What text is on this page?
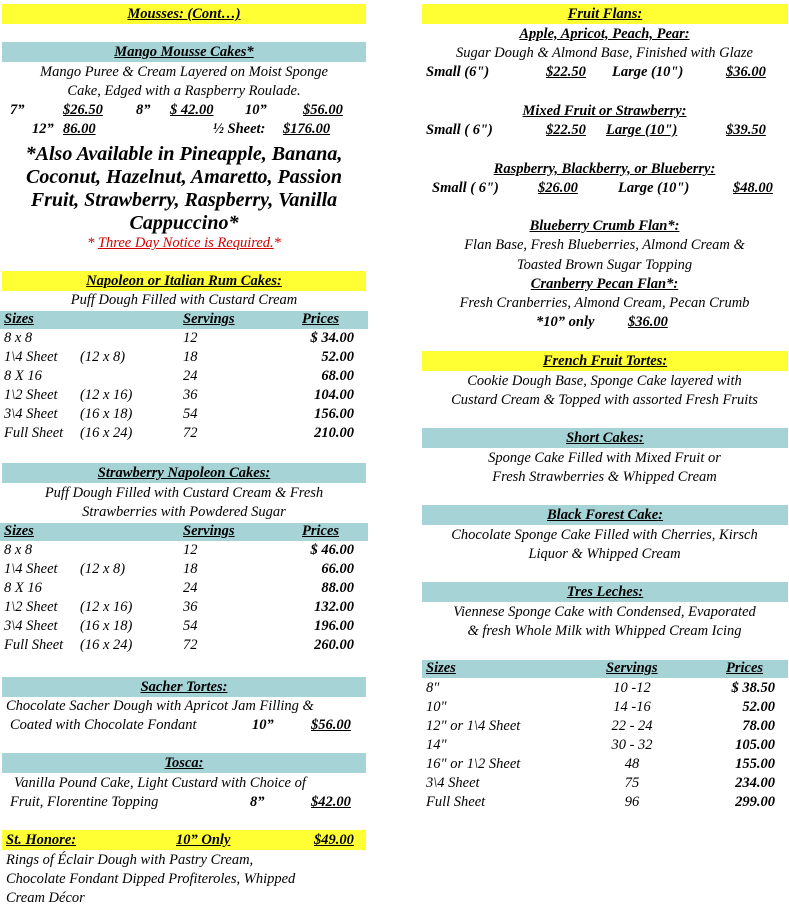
Mousses: (Cont…)
Mango Mousse Cakes*
Mango Puree & Cream Layered on Moist Sponge
Cake, Edged with a Raspberry Roulade.
7”	$26.50 8” $ 42.00 10”	$56.00
12” 86.00	½ Sheet: $176.00
*Also Available in Pineapple, Banana,
Coconut, Hazelnut, Amaretto, Passion
Fruit, Strawberry, Raspberry, Vanilla
Cappuccino*
* Three Day Notice is Required.*
Napoleon or Italian Rum Cakes:
Puff Dough Filled with Custard Cream
Sizes	Servings	Prices
8 x 8	12	$ 34.00
1\4 Sheet (12 x 8)	18	52.00
8 X 16	24	68.00
1\2 Sheet (12 x 16)	36	104.00
3\4 Sheet (16 x 18)	54	156.00
Full Sheet (16 x 24)	72	210.00
Strawberry Napoleon Cakes:
Puff Dough Filled with Custard Cream & Fresh
Strawberries with Powdered Sugar
Sizes	Servings	Prices
8 x 8	12	$ 46.00
1\4 Sheet (12 x 8)	18	66.00
8 X 16	24	88.00
1\2 Sheet (12 x 16)	36	132.00
3\4 Sheet (16 x 18)	54	196.00
Full Sheet (16 x 24)	72	260.00
Sacher Tortes:
Chocolate Sacher Dough with Apricot Jam Filling &
Coated with Chocolate Fondant	10”	$56.00
Tosca:
Vanilla Pound Cake, Light Custard with Choice of
Fruit, Florentine Topping	8”	$42.00
St. Honore:	10” Only	$49.00
Rings of Éclair Dough with Pastry Cream,
Chocolate Fondant Dipped Profiteroles, Whipped
Cream Décor
Fruit Flans:
Apple, Apricot, Peach, Pear:
Sugar Dough & Almond Base, Finished with Glaze
Small (6")	$22.50 Large (10")	$36.00
Mixed Fruit or Strawberry:
Small ( 6")	$22.50 Large (10")	$39.50
Raspberry, Blackberry, or Blueberry:
Small ( 6")	$26.00	Large (10")	$48.00
Blueberry Crumb Flan*:
Flan Base, Fresh Blueberries, Almond Cream &
Toasted Brown Sugar Topping
Cranberry Pecan Flan*:
Fresh Cranberries, Almond Cream, Pecan Crumb
*10” only $36.00
French Fruit Tortes:
Cookie Dough Base, Sponge Cake layered with
Custard Cream & Topped with assorted Fresh Fruits
Short Cakes:
Sponge Cake Filled with Mixed Fruit or
Fresh Strawberries & Whipped Cream
Black Forest Cake:
Chocolate Sponge Cake Filled with Cherries, Kirsch
Liquor & Whipped Cream
Tres Leches:
Viennese Sponge Cake with Condensed, Evaporated
& fresh Whole Milk with Whipped Cream Icing
Sizes	Servings	Prices
8"	10 -12	$ 38.50
10"	14 -16	52.00
12" or 1\4 Sheet	22 - 24	78.00
14"	30 - 32	105.00
16" or 1\2 Sheet	48	155.00
3\4 Sheet	75	234.00
Full Sheet	96	299.00
